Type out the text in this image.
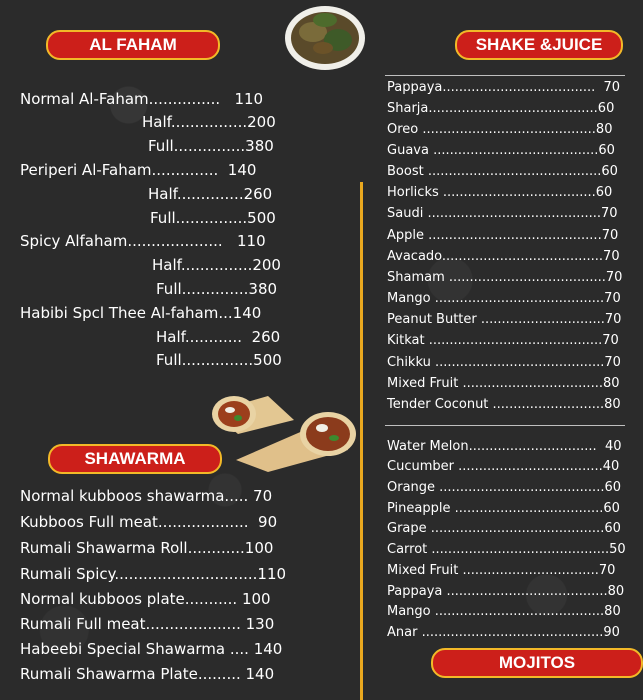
AL FAHAM	SHAKE &JUICE
SHAWARMA
MOJITOS
Normal Al-Faham...............   110
Half................200
Full...............380
Periperi Al-Faham..............  140
Half..............260
Full...............500
Spicy Alfaham....................   110
Half...............200
Full..............380
Habibi Spcl Thee Al-faham...140
Half............  260
Full...............500
Normal kubboos shawarma..... 70
Kubboos Full meat...................  90
Rumali Shawarma Roll............100
Rumali Spicy..............................110
Normal kubboos plate........... 100
Rumali Full meat.................... 130
Habeebi Special Shawarma .... 140
Rumali Shawarma Plate......... 140
Pappaya.....................................  70
Sharja.........................................60
Oreo ..........................................80
Guava ........................................60
Boost ..........................................60
Horlicks .....................................60
Saudi ..........................................70
Apple ..........................................70
Avacado.......................................70
Shamam ......................................70
Mango .........................................70
Peanut Butter ..............................70
Kitkat ..........................................70
Chikku .........................................70
Mixed Fruit ..................................80
Tender Coconut ...........................80
Water Melon...............................  40
Cucumber ...................................40
Orange ........................................60
Pineapple ....................................60
Grape ..........................................60
Carrot ...........................................50
Mixed Fruit .................................70
Pappaya .......................................80
Mango .........................................80
Anar ............................................90
